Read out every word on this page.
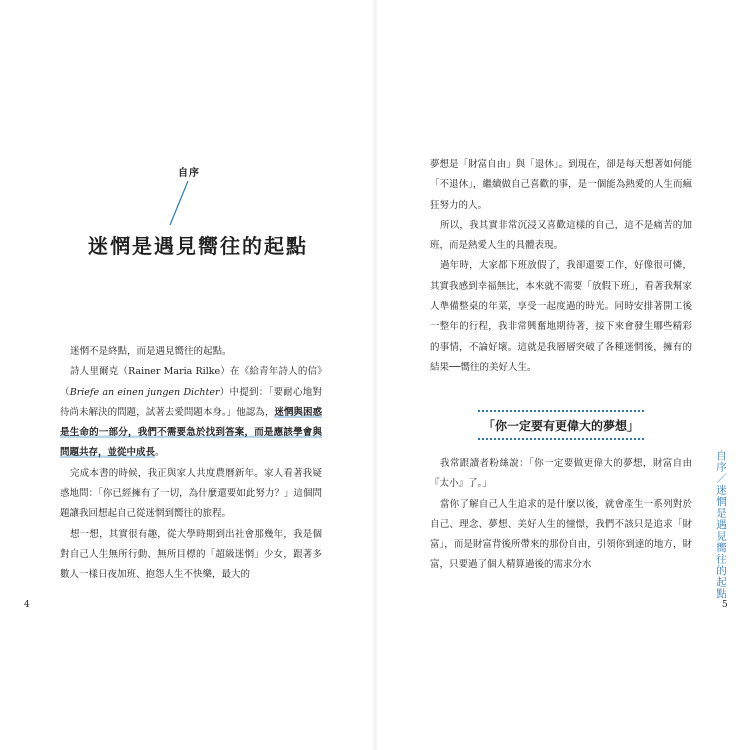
自序
迷惘是遇見嚮往的起點

迷惘不是終點，而是遇見嚮往的起點。

詩人里爾克（Rainer Maria Rilke）在《給青年詩人的信》（Briefe an einen jungen Dichter）中提到：「要耐心地對待尚未解決的問題，試著去愛問題本身。」他認為，迷惘與困惑是生命的一部分，我們不需要急於找到答案，而是應該學會與問題共存，並從中成長。

完成本書的時候，我正與家人共度農曆新年。家人看著我疑惑地問：「你已經擁有了一切，為什麼還要如此努力？」這個問題讓我回想起自己從迷惘到嚮往的旅程。

想一想，其實很有趣，從大學時期到出社會那幾年，我是個對自己人生無所行動、無所目標的「超級迷惘」少女，跟著多數人一樣日夜加班、抱怨人生不快樂，最大的

4

夢想是「財富自由」與「退休」。到現在，卻是每天想著如何能「不退休」，繼續做自己喜歡的事，是一個能為熱愛的人生而瘋狂努力的人。

所以，我其實非常沉浸又喜歡這樣的自己，這不是痛苦的加班，而是熱愛人生的具體表現。

過年時，大家都下班放假了，我卻還要工作，好像很可憐，其實我感到幸福無比，本來就不需要「放假下班」，看著我幫家人準備整桌的年菜，享受一起度過的時光。同時安排著開工後一整年的行程，我非常興奮地期待著，接下來會發生哪些精彩的事情，不論好壞。這就是我層層突破了各種迷惘後，擁有的結果──嚮往的美好人生。

「你一定要有更偉大的夢想」

我常跟讀者粉絲說：「你一定要做更偉大的夢想，財富自由『太小』了。」

當你了解自己人生追求的是什麼以後，就會產生一系列對於自己、理念、夢想、美好人生的憧憬，我們不該只是追求「財富」，而是財富背後所帶來的那份自由，引領你到達的地方，財富，只要過了個人精算過後的需求分水	自序／迷惘是遇見嚮往的起點
5
